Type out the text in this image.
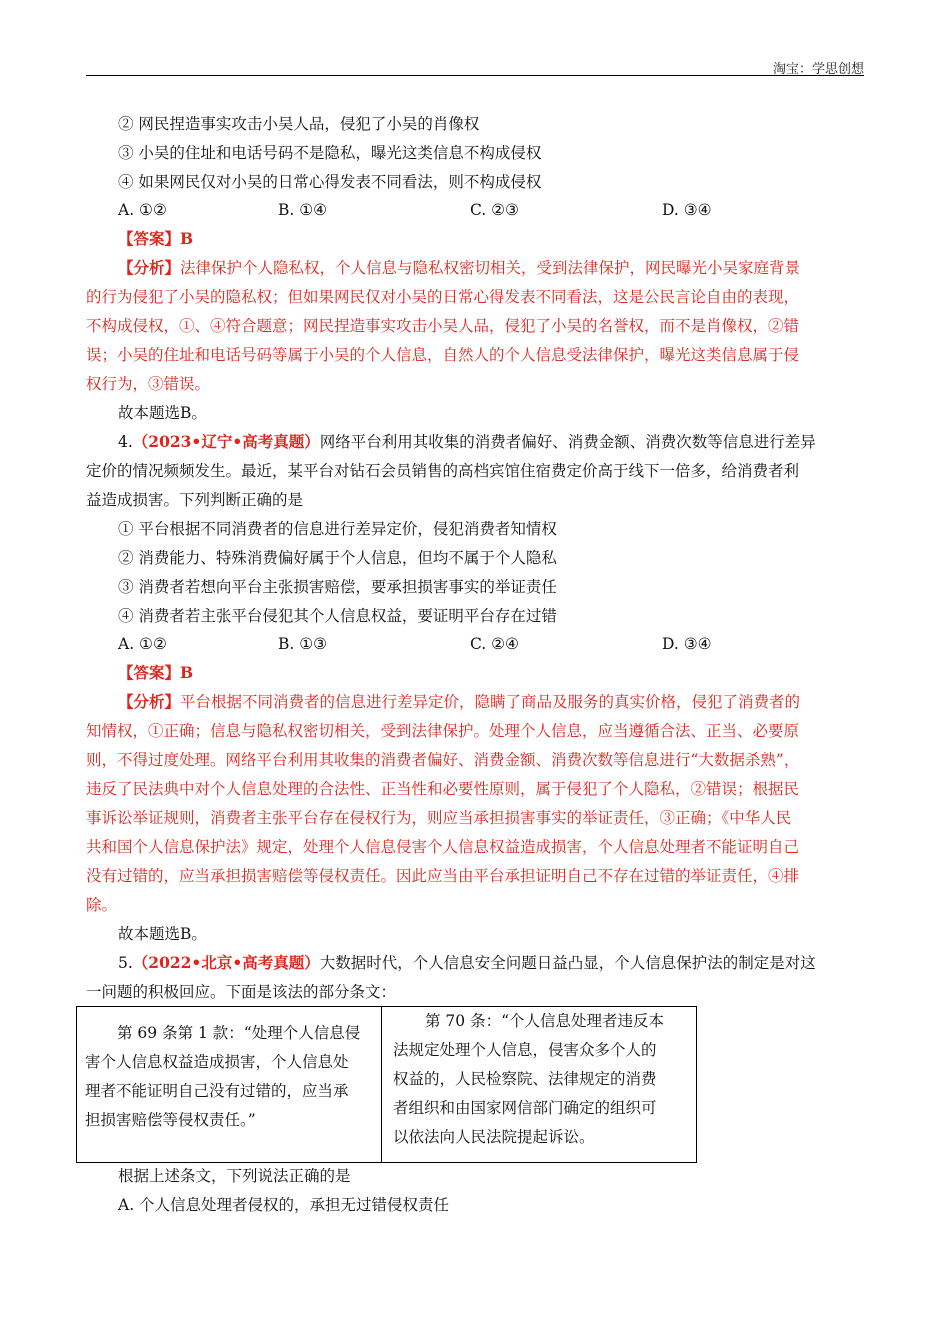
淘宝：学思创想
② 网民捏造事实攻击小吴人品，侵犯了小吴的肖像权
③ 小吴的住址和电话号码不是隐私，曝光这类信息不构成侵权
④ 如果网民仅对小吴的日常心得发表不同看法，则不构成侵权
A. ①②	B. ①④	C. ②③	D. ③④
【答案】B
【分析】法律保护个人隐私权，个人信息与隐私权密切相关，受到法律保护，网民曝光小吴家庭背景
的行为侵犯了小吴的隐私权；但如果网民仅对小吴的日常心得发表不同看法，这是公民言论自由的表现，
不构成侵权，①、④符合题意；网民捏造事实攻击小吴人品，侵犯了小吴的名誉权，而不是肖像权，②错
误；小吴的住址和电话号码等属于小吴的个人信息，自然人的个人信息受法律保护，曝光这类信息属于侵
权行为，③错误。
故本题选B。
4.（2023•辽宁•高考真题）网络平台利用其收集的消费者偏好、消费金额、消费次数等信息进行差异
定价的情况频频发生。最近，某平台对钻石会员销售的高档宾馆住宿费定价高于线下一倍多，给消费者利
益造成损害。下列判断正确的是
① 平台根据不同消费者的信息进行差异定价，侵犯消费者知情权
② 消费能力、特殊消费偏好属于个人信息，但均不属于个人隐私
③ 消费者若想向平台主张损害赔偿，要承担损害事实的举证责任
④ 消费者若主张平台侵犯其个人信息权益，要证明平台存在过错
A. ①②	B. ①③	C. ②④	D. ③④
【答案】B
【分析】平台根据不同消费者的信息进行差异定价，隐瞒了商品及服务的真实价格，侵犯了消费者的
知情权，①正确；信息与隐私权密切相关，受到法律保护。处理个人信息，应当遵循合法、正当、必要原
则，不得过度处理。网络平台利用其收集的消费者偏好、消费金额、消费次数等信息进行“大数据杀熟”，
违反了民法典中对个人信息处理的合法性、正当性和必要性原则，属于侵犯了个人隐私，②错误；根据民
事诉讼举证规则，消费者主张平台存在侵权行为，则应当承担损害事实的举证责任，③正确；《中华人民
共和国个人信息保护法》规定，处理个人信息侵害个人信息权益造成损害，个人信息处理者不能证明自己
没有过错的，应当承担损害赔偿等侵权责任。因此应当由平台承担证明自己不存在过错的举证责任，④排
除。
故本题选B。
5.（2022•北京•高考真题）大数据时代，个人信息安全问题日益凸显，个人信息保护法的制定是对这
一问题的积极回应。下面是该法的部分条文：
第 69 条第 1 款：“处理个人信息侵
害个人信息权益造成损害，个人信息处
理者不能证明自己没有过错的，应当承
担损害赔偿等侵权责任。”
第 70 条：“个人信息处理者违反本
法规定处理个人信息，侵害众多个人的
权益的，人民检察院、法律规定的消费
者组织和由国家网信部门确定的组织可
以依法向人民法院提起诉讼。
根据上述条文，下列说法正确的是
A. 个人信息处理者侵权的，承担无过错侵权责任
